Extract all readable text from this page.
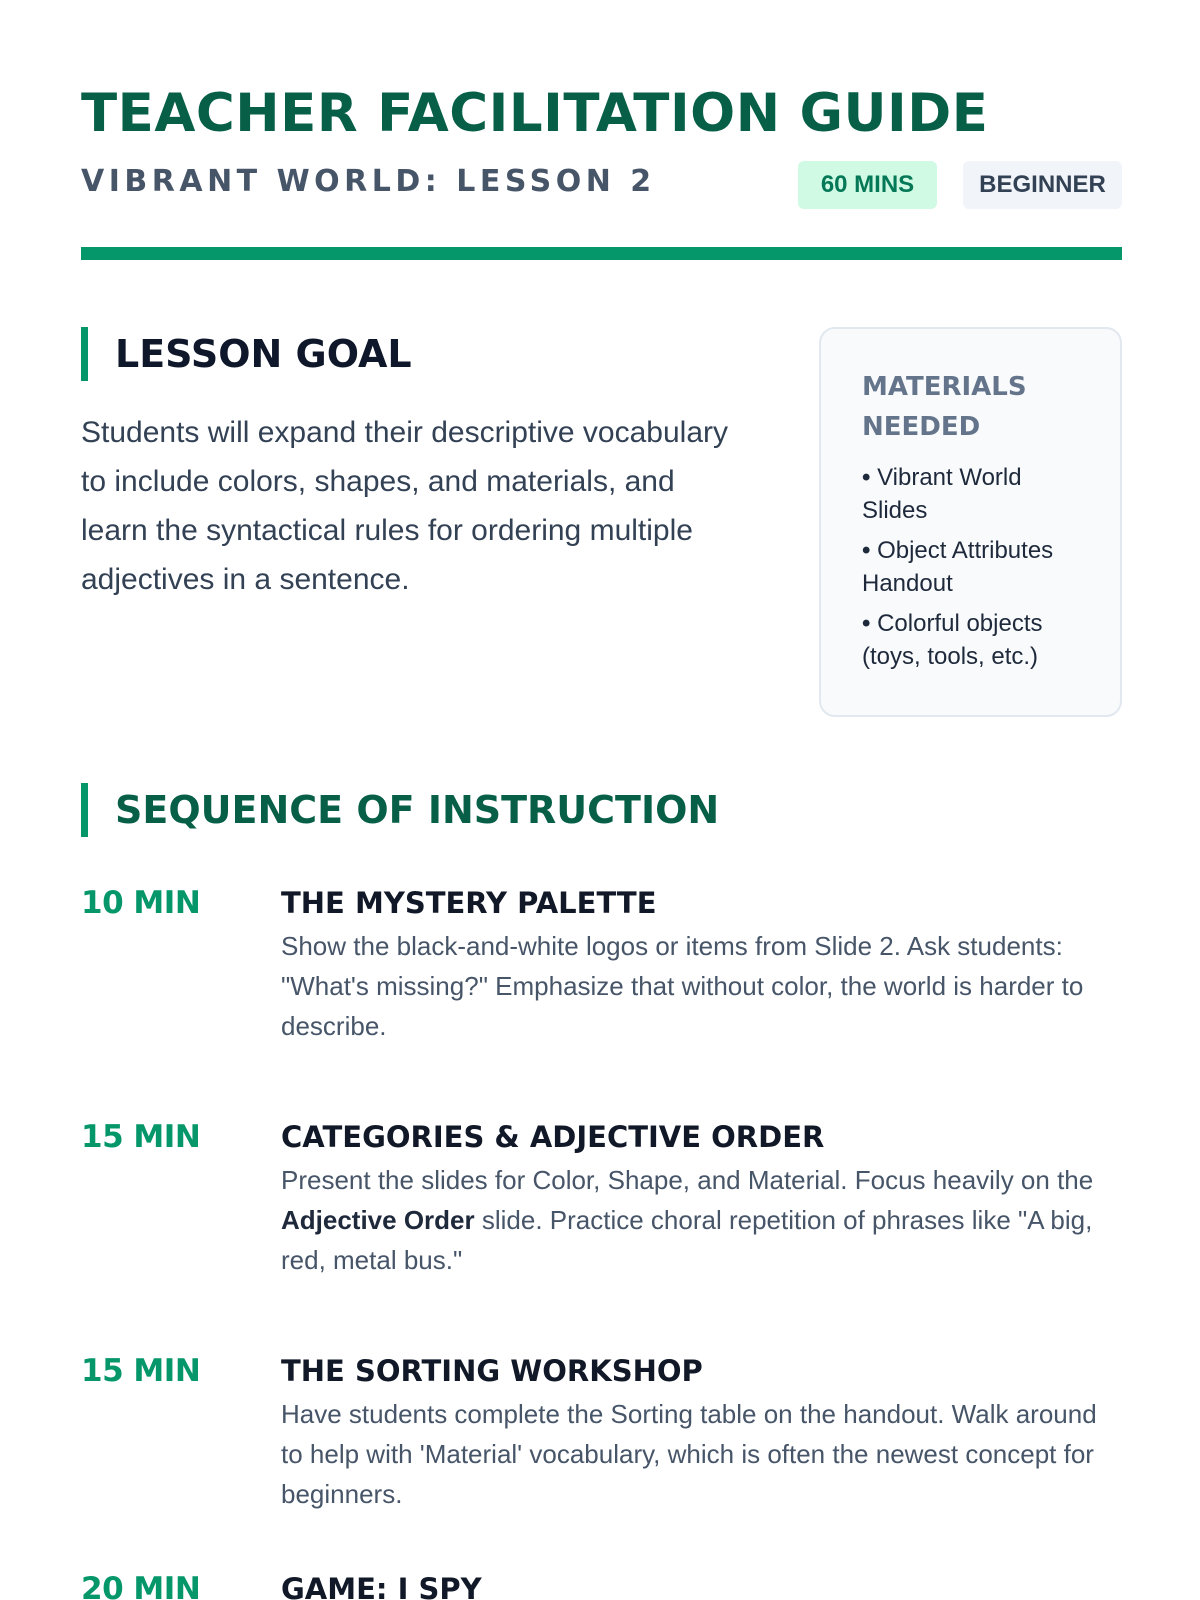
TEACHER FACILITATION GUIDE
VIBRANT WORLD: LESSON 2	60 MINS	BEGINNER
LESSON GOAL

Students will expand their descriptive vocabulary to include colors, shapes, and materials, and learn the syntactical rules for ordering multiple adjectives in a sentence.

MATERIALS NEEDED
• Vibrant World Slides
• Object Attributes Handout
• Colorful objects (toys, tools, etc.)
SEQUENCE OF INSTRUCTION
10 MIN	THE MYSTERY PALETTE

Show the black-and-white logos or items from Slide 2. Ask students: "What's missing?" Emphasize that without color, the world is harder to describe.

15 MIN	CATEGORIES & ADJECTIVE ORDER

Present the slides for Color, Shape, and Material. Focus heavily on the Adjective Order slide. Practice choral repetition of phrases like "A big, red, metal bus."

15 MIN	THE SORTING WORKSHOP

Have students complete the Sorting table on the handout. Walk around to help with 'Material' vocabulary, which is often the newest concept for beginners.

20 MIN	GAME: I SPY
